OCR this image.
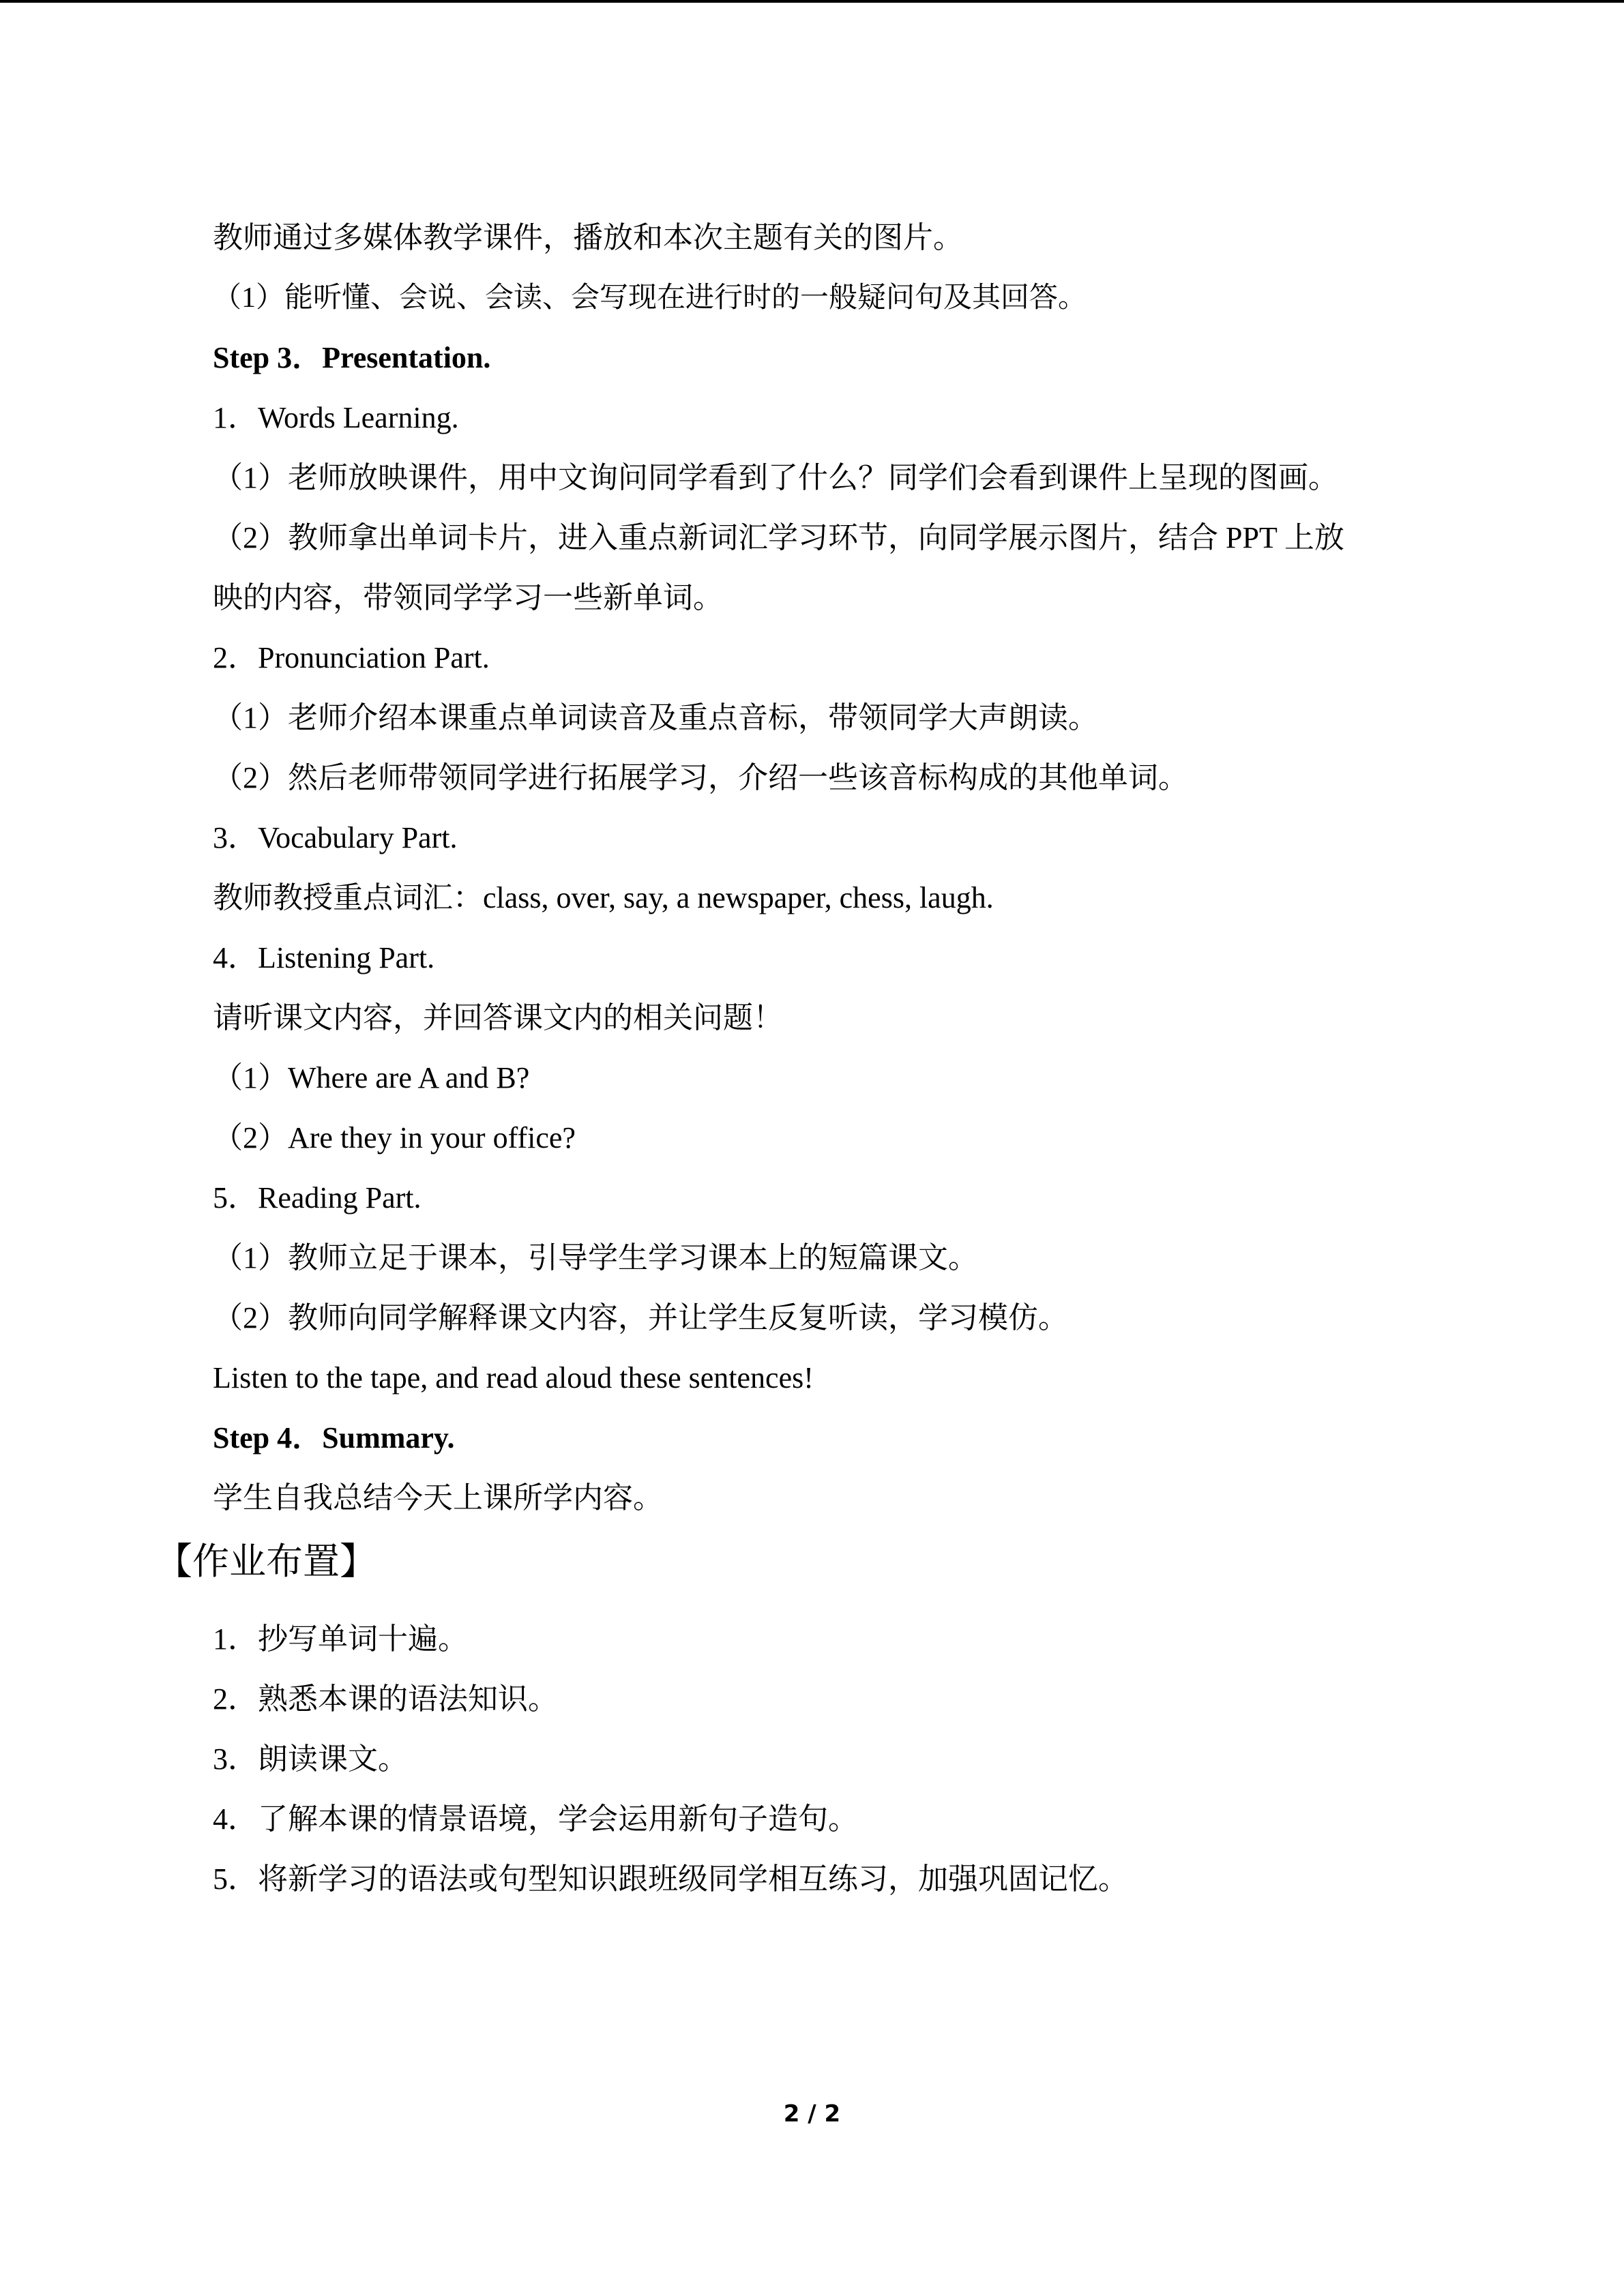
教师通过多媒体教学课件，播放和本次主题有关的图片。
（1）能听懂、会说、会读、会写现在进行时的一般疑问句及其回答。
Step 3．Presentation.
1．Words Learning.
（1）老师放映课件，用中文询问同学看到了什么？同学们会看到课件上呈现的图画。
（2）教师拿出单词卡片，进入重点新词汇学习环节，向同学展示图片，结合 PPT 上放
映的内容，带领同学学习一些新单词。
2．Pronunciation Part.
（1）老师介绍本课重点单词读音及重点音标，带领同学大声朗读。
（2）然后老师带领同学进行拓展学习，介绍一些该音标构成的其他单词。
3．Vocabulary Part.
教师教授重点词汇：class, over, say, a newspaper, chess, laugh.
4．Listening Part.
请听课文内容，并回答课文内的相关问题！
（1）Where are A and B?
（2）Are they in your office?
5．Reading Part.
（1）教师立足于课本，引导学生学习课本上的短篇课文。
（2）教师向同学解释课文内容，并让学生反复听读，学习模仿。
Listen to the tape, and read aloud these sentences!
Step 4．Summary.
学生自我总结今天上课所学内容。
【作业布置】
1．抄写单词十遍。
2．熟悉本课的语法知识。
3．朗读课文。
4．了解本课的情景语境，学会运用新句子造句。
5．将新学习的语法或句型知识跟班级同学相互练习，加强巩固记忆。
2 / 2
